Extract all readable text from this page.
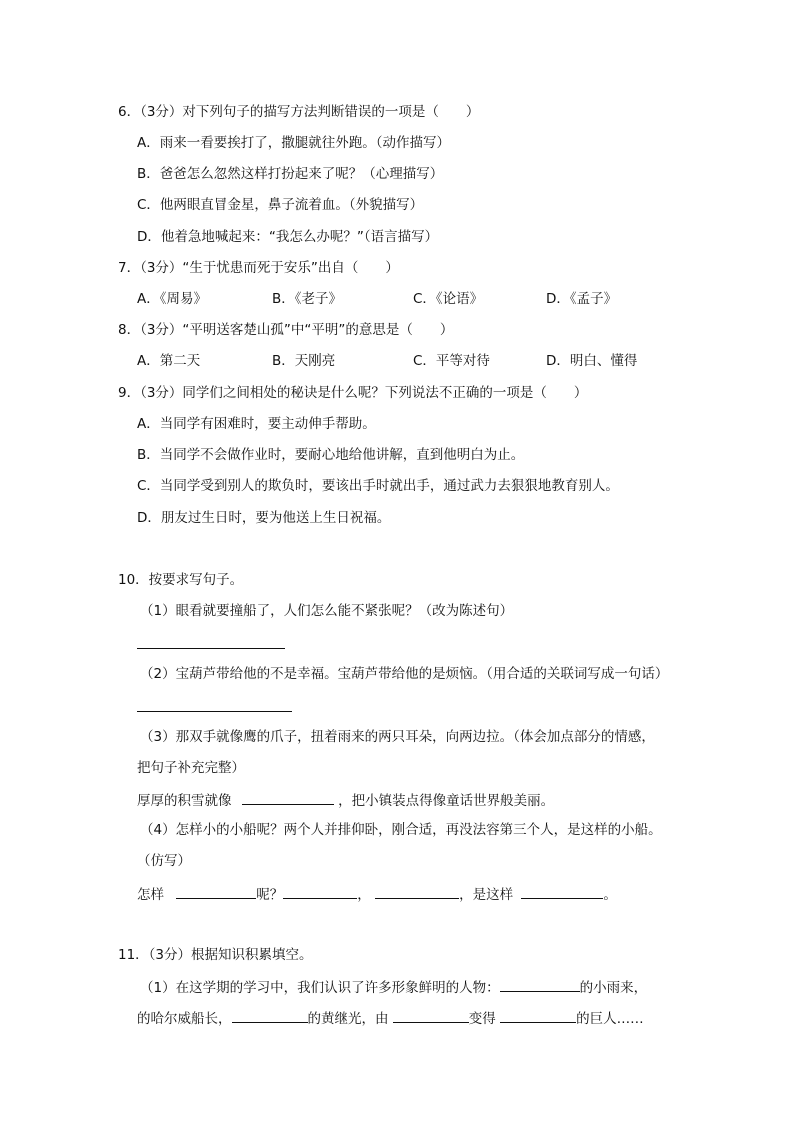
6．（3分）对下列句子的描写方法判断错误的一项是（　　）
A．雨来一看要挨打了，撒腿就往外跑。（动作描写）
B．爸爸怎么忽然这样打扮起来了呢？（心理描写）
C．他两眼直冒金星，鼻子流着血。（外貌描写）
D．他着急地喊起来：“我怎么办呢？”（语言描写）
7．（3分）“生于忧患而死于安乐”出自（　　）
A．《周易》	B．《老子》	C．《论语》	D．《孟子》
8．（3分）“平明送客楚山孤”中“平明”的意思是（　　）
A．第二天	B．天刚亮	C．平等对待	D．明白、懂得
9．（3分）同学们之间相处的秘诀是什么呢？下列说法不正确的一项是（　　）
A．当同学有困难时，要主动伸手帮助。
B．当同学不会做作业时，要耐心地给他讲解，直到他明白为止。
C．当同学受到别人的欺负时，要该出手时就出手，通过武力去狠狠地教育别人。
D．朋友过生日时，要为他送上生日祝福。
10．按要求写句子。
（1）眼看就要撞船了，人们怎么能不紧张呢？（改为陈述句）
（2）宝葫芦带给他的不是幸福。宝葫芦带给他的是烦恼。（用合适的关联词写成一句话）
（3）那双手就像鹰的爪子，扭着雨来的两只耳朵，向两边拉。（体会加点部分的情感，
把句子补充完整）
厚厚的积雪就像	，把小镇装点得像童话世界般美丽。
（4）怎样小的小船呢？两个人并排仰卧，刚合适，再没法容第三个人，是这样的小船。
（仿写）
怎样	呢？	，	，是这样	。
11．（3分）根据知识积累填空。
（1）在这学期的学习中，我们认识了许多形象鲜明的人物：	的小雨来，
的哈尔威船长，	的黄继光，由	变得	的巨人……
